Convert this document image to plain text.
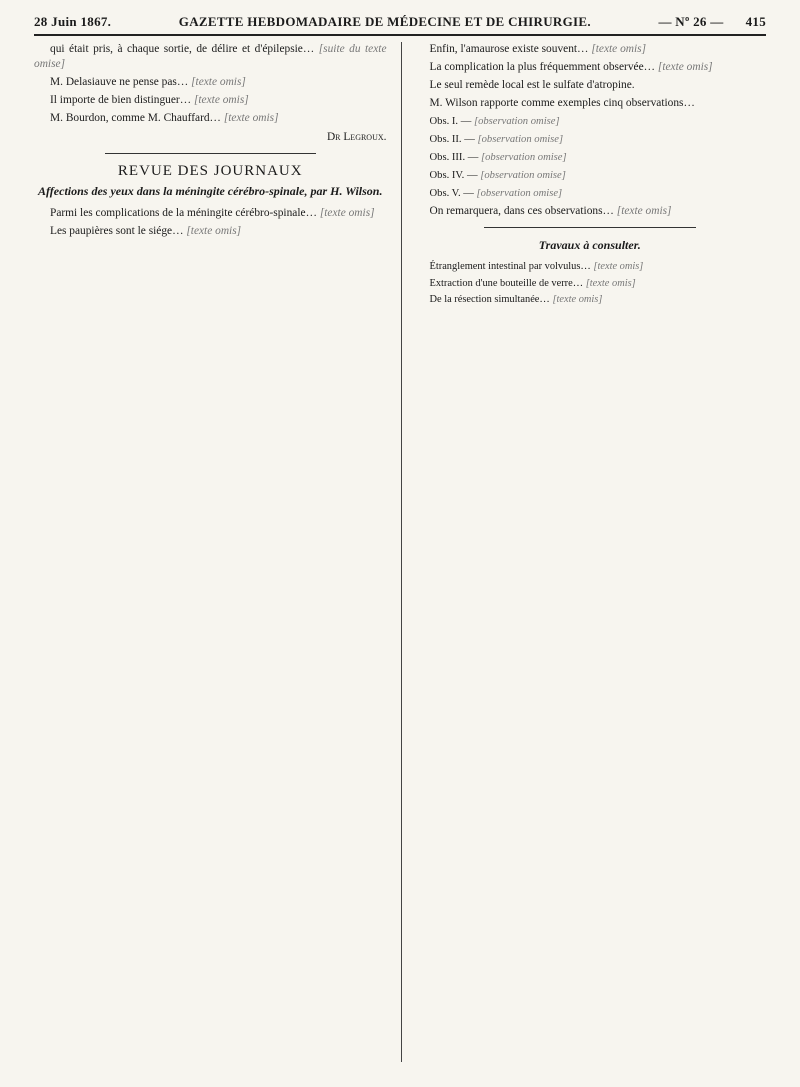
28 Juin 1867.	GAZETTE HEBDOMADAIRE DE MÉDECINE ET DE CHIRURGIE.	— Nº 26 — 415

qui était pris, à chaque sortie, de délire et d'épilepsie… [suite du texte omise]

M. Delasiauve ne pense pas… [texte omis]

Il importe de bien distinguer… [texte omis]

M. Bourdon, comme M. Chauffard… [texte omis]

Dr Legroux.
REVUE DES JOURNAUX
Affections des yeux dans la méningite cérébro-spinale, par H. Wilson.

Parmi les complications de la méningite cérébro-spinale… [texte omis]

Les paupières sont le siége… [texte omis]

Enfin, l'amaurose existe souvent… [texte omis]

La complication la plus fréquemment observée… [texte omis]

Le seul remède local est le sulfate d'atropine.

M. Wilson rapporte comme exemples cinq observations…

Obs. I. — [observation omise]

Obs. II. — [observation omise]

Obs. III. — [observation omise]

Obs. IV. — [observation omise]

Obs. V. — [observation omise]

On remarquera, dans ces observations… [texte omis]

Travaux à consulter.

Étranglement intestinal par volvulus… [texte omis]

Extraction d'une bouteille de verre… [texte omis]

De la résection simultanée… [texte omis]
